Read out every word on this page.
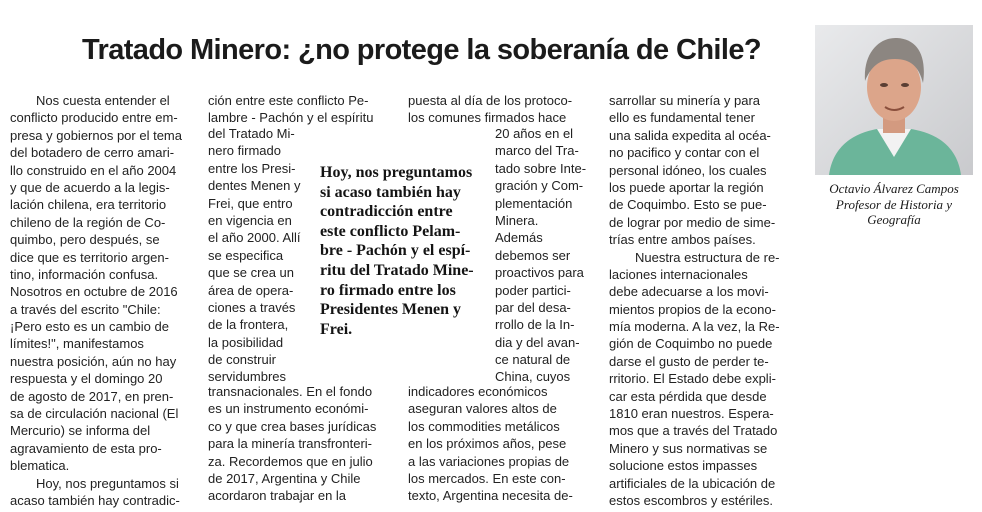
Tratado Minero: ¿no protege la soberanía de Chile?
Nos cuesta entender el
conflicto producido entre em-
presa y gobiernos por el tema
del botadero de cerro amari-
llo construido en el año 2004
y que de acuerdo a la legis-
lación chilena, era territorio
chileno de la región de Co-
quimbo, pero después, se
dice que es territorio argen-
tino, información confusa.
Nosotros en octubre de 2016
a través del escrito "Chile:
¡Pero esto es un cambio de
límites!", manifestamos
nuestra posición, aún no hay
respuesta y el domingo 20
de agosto de 2017, en pren-
sa de circulación nacional (El
Mercurio) se informa del
agravamiento de esta pro-
blematica.
Hoy, nos preguntamos si
acaso también hay contradic-
ción entre este conflicto Pe-
lambre - Pachón y el espíritu
del Tratado Mi-
nero firmado
entre los Presi-
dentes Menen y
Frei, que entro
en vigencia en
el año 2000. Allí
se especifica
que se crea un
área de opera-
ciones a través
de la frontera,
la posibilidad
de construir
servidumbres
transnacionales. En el fondo
es un instrumento económi-
co y que crea bases jurídicas
para la minería transfronteri-
za. Recordemos que en julio
de 2017, Argentina y Chile
acordaron trabajar en la
puesta al día de los protoco-
los comunes firmados hace
20 años en el
marco del Tra-
tado sobre Inte-
gración y Com-
plementación
Minera.
Además
debemos ser
proactivos para
poder partici-
par del desa-
rrollo de la In-
dia y del avan-
ce natural de
China, cuyos
indicadores económicos
aseguran valores altos de
los commodities metálicos
en los próximos años, pese
a las variaciones propias de
los mercados. En este con-
texto, Argentina necesita de-
sarrollar su minería y para
ello es fundamental tener
una salida expedita al océa-
no pacifico y contar con el
personal idóneo, los cuales
los puede aportar la región
de Coquimbo. Esto se pue-
de lograr por medio de sime-
trías entre ambos países.
Nuestra estructura de re-
laciones internacionales
debe adecuarse a los movi-
mientos propios de la econo-
mía moderna. A la vez, la Re-
gión de Coquimbo no puede
darse el gusto de perder te-
rritorio. El Estado debe expli-
car esta pérdida que desde
1810 eran nuestros. Espera-
mos que a través del Tratado
Minero y sus normativas se
solucione estos impasses
artificiales de la ubicación de
estos escombros y estériles.
Hoy, nos preguntamos
si acaso también hay
contradicción entre
este conflicto Pelam-
bre - Pachón y el espí-
ritu del Tratado Mine-
ro firmado entre los
Presidentes Menen y
Frei.

Octavio Álvarez Campos
Profesor de Historia y
Geografía
